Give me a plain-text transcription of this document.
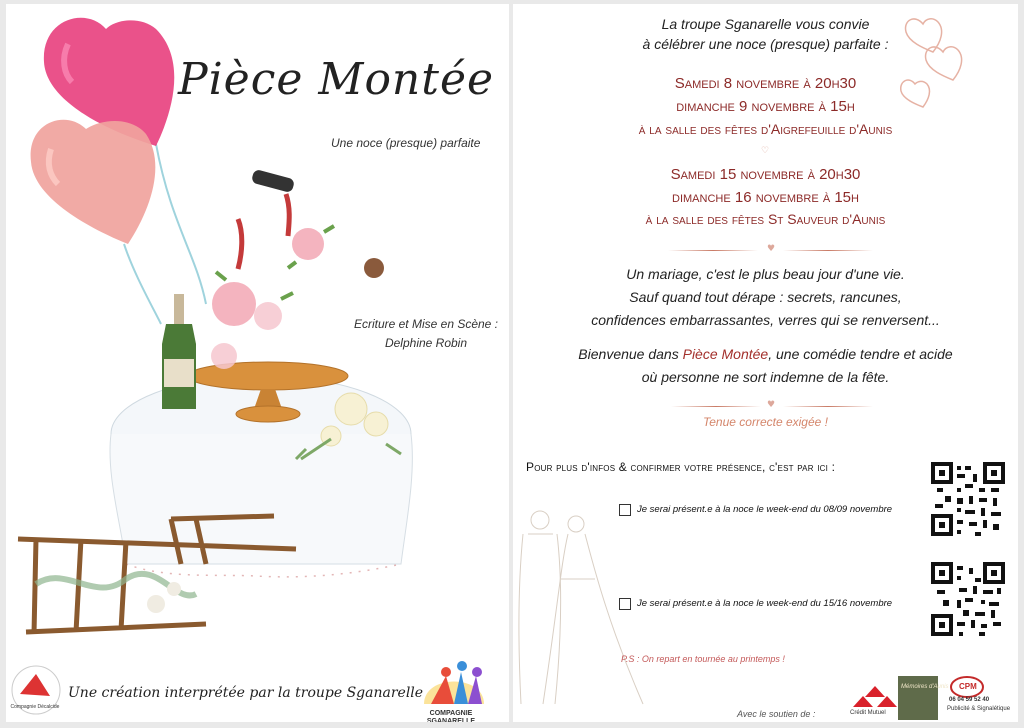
Pièce Montée
Une noce (presque) parfaite
Ecriture et Mise en Scène :
Delphine Robin
Compagnie Décalcide
Une création interprétée par la troupe Sganarelle
COMPAGNIE
SGANARELLE
La troupe Sganarelle vous convie
à célébrer une noce (presque) parfaite :
Samedi 8 novembre à 20h30
dimanche 9 novembre à 15h
à la salle des fêtes d'Aigrefeuille d'Aunis
♡
Samedi 15 novembre à 20h30
dimanche 16 novembre à 15h
à la salle des fêtes St Sauveur d'Aunis
♥
Un mariage, c'est le plus beau jour d'une vie.
Sauf quand tout dérape : secrets, rancunes,
confidences embarrassantes, verres qui se renversent...
Bienvenue dans Pièce Montée, une comédie tendre et acide
où personne ne sort indemne de la fête.
♥
Tenue correcte exigée !
Pour plus d'infos & confirmer votre présence, c'est par ici :
Je serai présent.e à la noce le week-end du 08/09 novembre
Je serai présent.e à la noce le week-end du 15/16 novembre
P.S : On repart en tournée au printemps !
Avec le soutien de :	Crédit Mutuel
Mémoires d'Aunis CPM
06 04 59 52 40
Publicité & Signalétique
